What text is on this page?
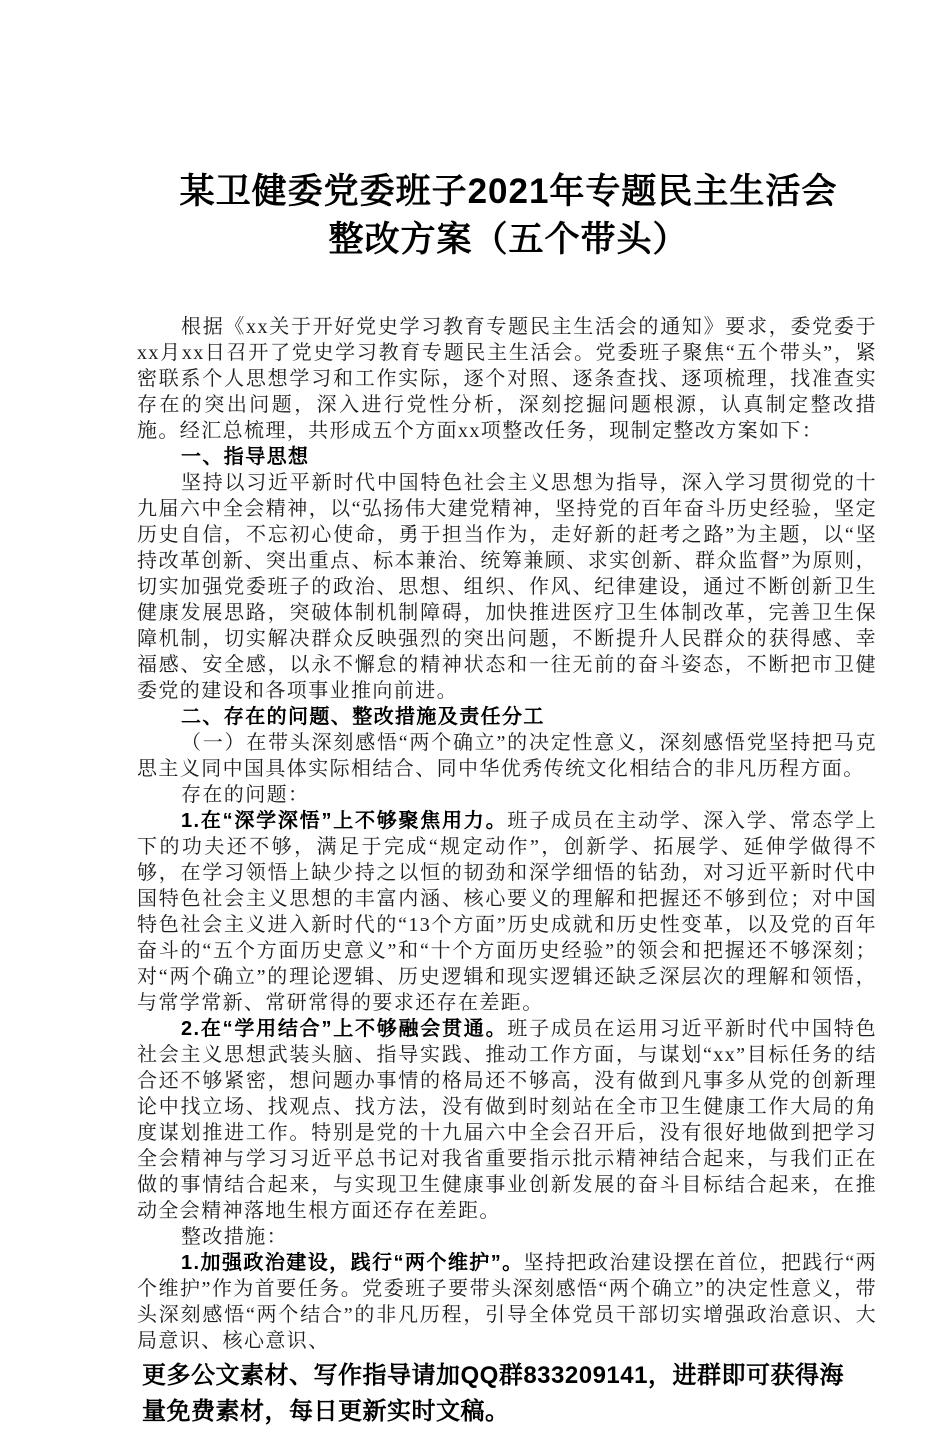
某卫健委党委班子2021年专题民主生活会
整改方案（五个带头）

根据《xx关于开好党史学习教育专题民主生活会的通知》要求，委党委于xx月xx日召开了党史学习教育专题民主生活会。党委班子聚焦“五个带头”，紧密联系个人思想学习和工作实际，逐个对照、逐条查找、逐项梳理，找准查实存在的突出问题，深入进行党性分析，深刻挖掘问题根源，认真制定整改措施。经汇总梳理，共形成五个方面xx项整改任务，现制定整改方案如下：

一、指导思想

坚持以习近平新时代中国特色社会主义思想为指导，深入学习贯彻党的十九届六中全会精神，以“弘扬伟大建党精神，坚持党的百年奋斗历史经验，坚定历史自信，不忘初心使命，勇于担当作为，走好新的赶考之路”为主题，以“坚持改革创新、突出重点、标本兼治、统筹兼顾、求实创新、群众监督”为原则，切实加强党委班子的政治、思想、组织、作风、纪律建设，通过不断创新卫生健康发展思路，突破体制机制障碍，加快推进医疗卫生体制改革，完善卫生保障机制，切实解决群众反映强烈的突出问题，不断提升人民群众的获得感、幸福感、安全感，以永不懈怠的精神状态和一往无前的奋斗姿态，不断把市卫健委党的建设和各项事业推向前进。

二、存在的问题、整改措施及责任分工

（一）在带头深刻感悟“两个确立”的决定性意义，深刻感悟党坚持把马克思主义同中国具体实际相结合、同中华优秀传统文化相结合的非凡历程方面。

存在的问题：

1.在“深学深悟”上不够聚焦用力。班子成员在主动学、深入学、常态学上下的功夫还不够，满足于完成“规定动作”，创新学、拓展学、延伸学做得不够，在学习领悟上缺少持之以恒的韧劲和深学细悟的钻劲，对习近平新时代中国特色社会主义思想的丰富内涵、核心要义的理解和把握还不够到位；对中国特色社会主义进入新时代的“13个方面”历史成就和历史性变革，以及党的百年奋斗的“五个方面历史意义”和“十个方面历史经验”的领会和把握还不够深刻；对“两个确立”的理论逻辑、历史逻辑和现实逻辑还缺乏深层次的理解和领悟，与常学常新、常研常得的要求还存在差距。

2.在“学用结合”上不够融会贯通。班子成员在运用习近平新时代中国特色社会主义思想武装头脑、指导实践、推动工作方面，与谋划“xx”目标任务的结合还不够紧密，想问题办事情的格局还不够高，没有做到凡事多从党的创新理论中找立场、找观点、找方法，没有做到时刻站在全市卫生健康工作大局的角度谋划推进工作。特别是党的十九届六中全会召开后，没有很好地做到把学习全会精神与学习习近平总书记对我省重要指示批示精神结合起来，与我们正在做的事情结合起来，与实现卫生健康事业创新发展的奋斗目标结合起来，在推动全会精神落地生根方面还存在差距。

整改措施：

1.加强政治建设，践行“两个维护”。坚持把政治建设摆在首位，把践行“两个维护”作为首要任务。党委班子要带头深刻感悟“两个确立”的决定性意义，带头深刻感悟“两个结合”的非凡历程，引导全体党员干部切实增强政治意识、大局意识、核心意识、

更多公文素材、写作指导请加QQ群833209141，进群即可获得海量免费素材，每日更新实时文稿。
